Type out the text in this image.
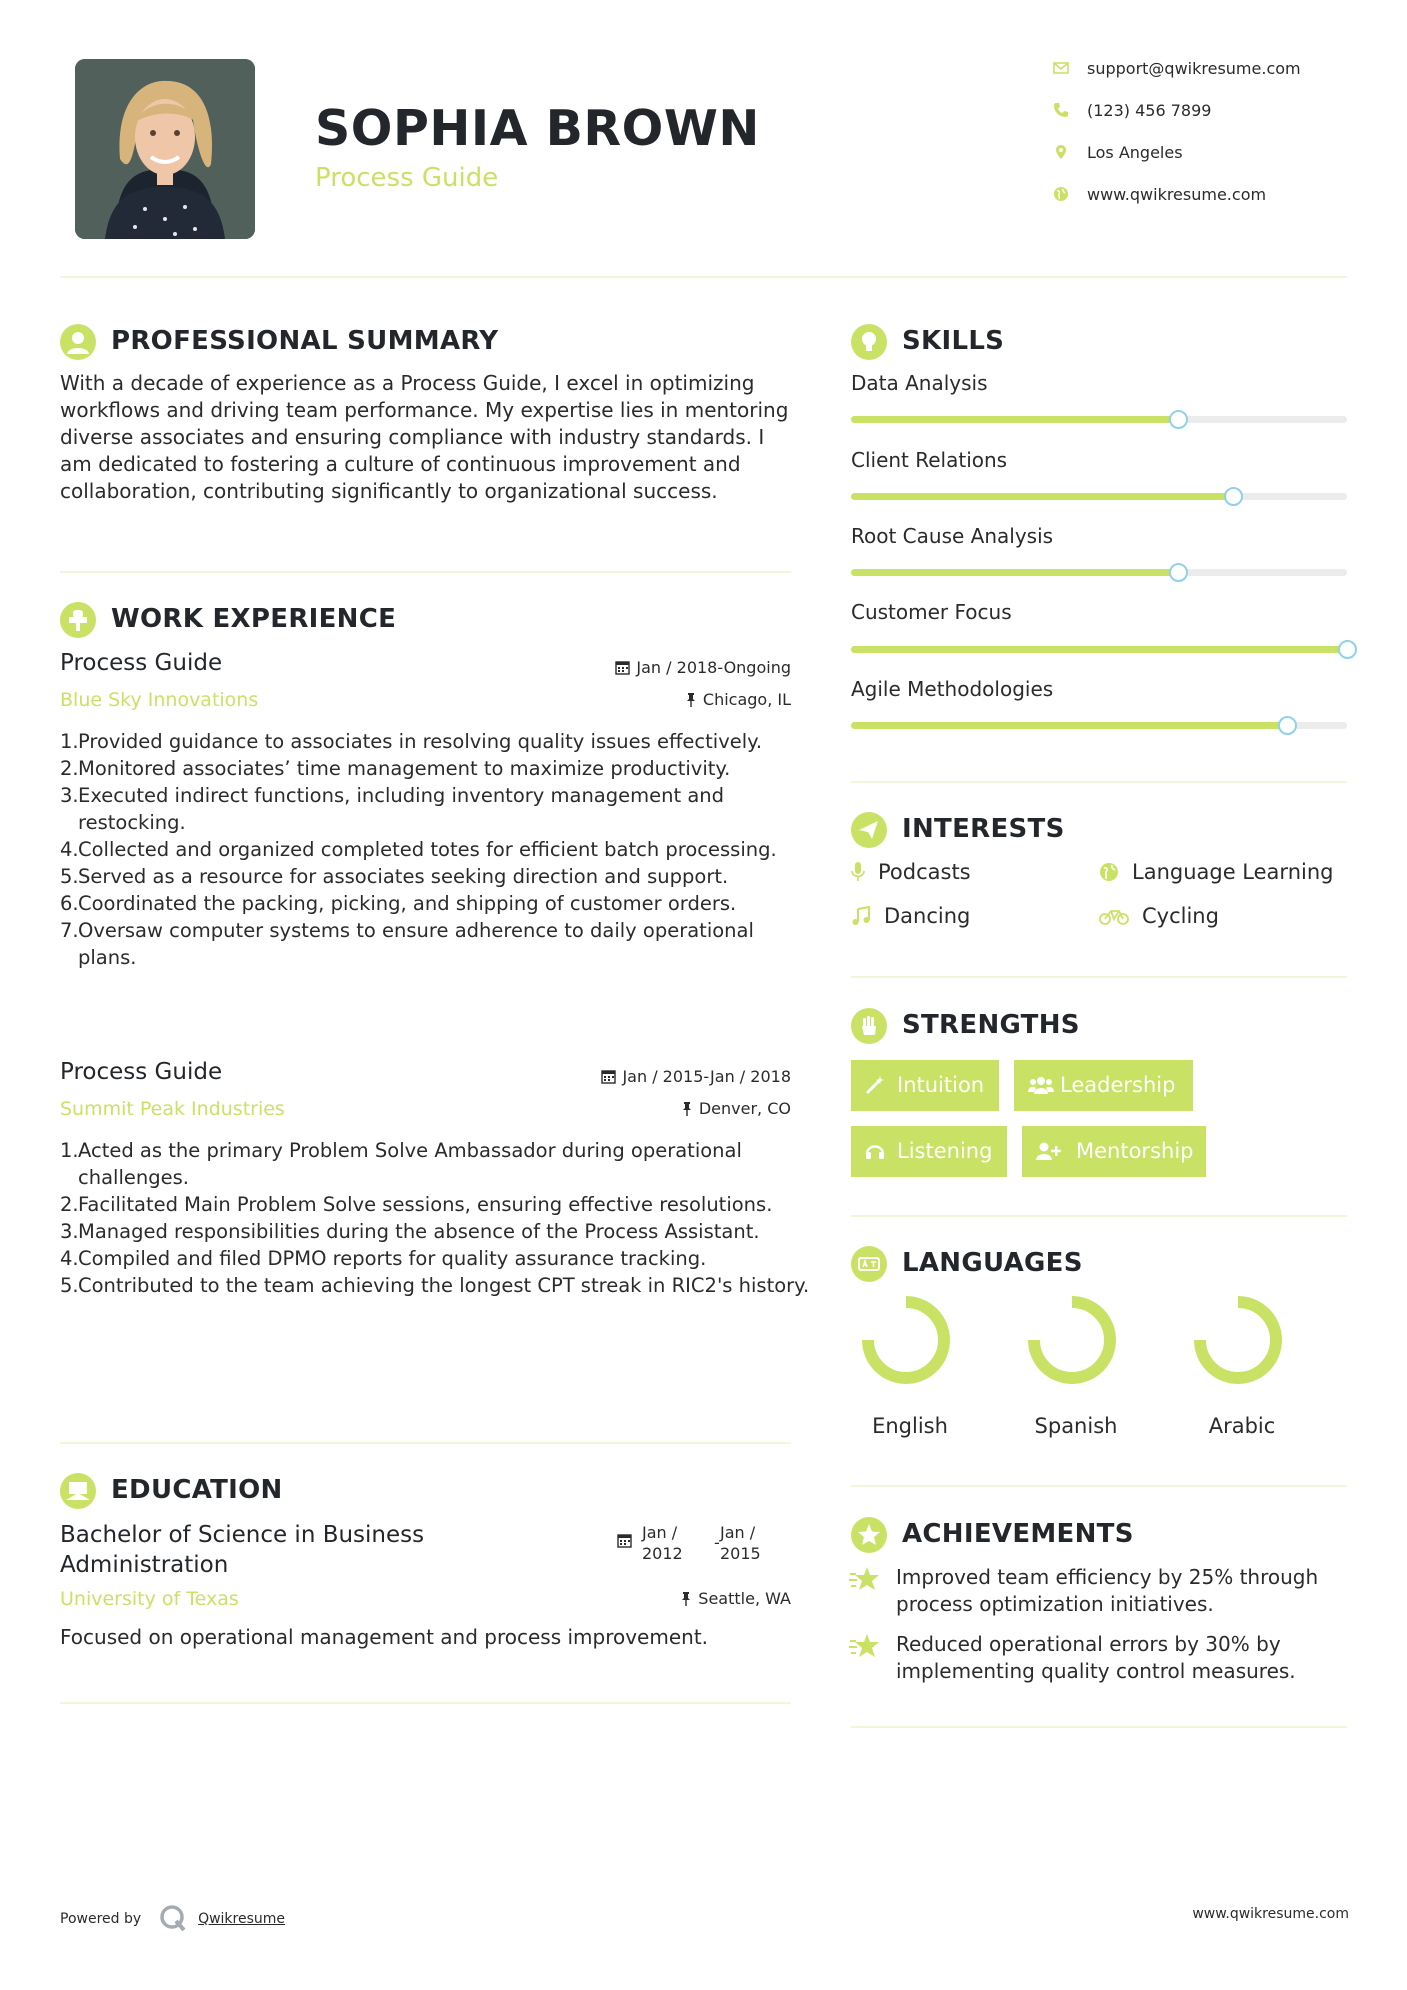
SOPHIA BROWN
Process Guide
support@qwikresume.com
(123) 456 7899
Los Angeles
www.qwikresume.com
PROFESSIONAL SUMMARY
With a decade of experience as a Process Guide, I excel in optimizing workflows and driving team performance. My expertise lies in mentoring diverse associates and ensuring compliance with industry standards. I am dedicated to fostering a culture of continuous improvement and collaboration, contributing significantly to organizational success.
WORK EXPERIENCE
Process Guide	Jan / 2018-Ongoing
Blue Sky Innovations	Chicago, IL
Provided guidance to associates in resolving quality issues effectively.
Monitored associates’ time management to maximize productivity.
Executed indirect functions, including inventory management and restocking.
Collected and organized completed totes for efficient batch processing.
Served as a resource for associates seeking direction and support.
Coordinated the packing, picking, and shipping of customer orders.
Oversaw computer systems to ensure adherence to daily operational plans.
Process Guide	Jan / 2015-Jan / 2018
Summit Peak Industries	Denver, CO
Acted as the primary Problem Solve Ambassador during operational challenges.
Facilitated Main Problem Solve sessions, ensuring effective resolutions.
Managed responsibilities during the absence of the Process Assistant.
Compiled and filed DPMO reports for quality assurance tracking.
Contributed to the team achieving the longest CPT streak in RIC2's history.
EDUCATION
Bachelor of Science in Business Administration
Jan /
2012
-
Jan /
2015
University of Texas	Seattle, WA
Focused on operational management and process improvement.
SKILLS
Data Analysis
Client Relations
Root Cause Analysis
Customer Focus
Agile Methodologies
INTERESTS
Podcasts	Language Learning
Dancing	Cycling
STRENGTHS
Intuition	Leadership
Listening	Mentorship
LANGUAGES
English	Spanish	Arabic
ACHIEVEMENTS
Improved team efficiency by 25% through process optimization initiatives.
Reduced operational errors by 30% by implementing quality control measures.
Powered by	Qwikresume	www.qwikresume.com
